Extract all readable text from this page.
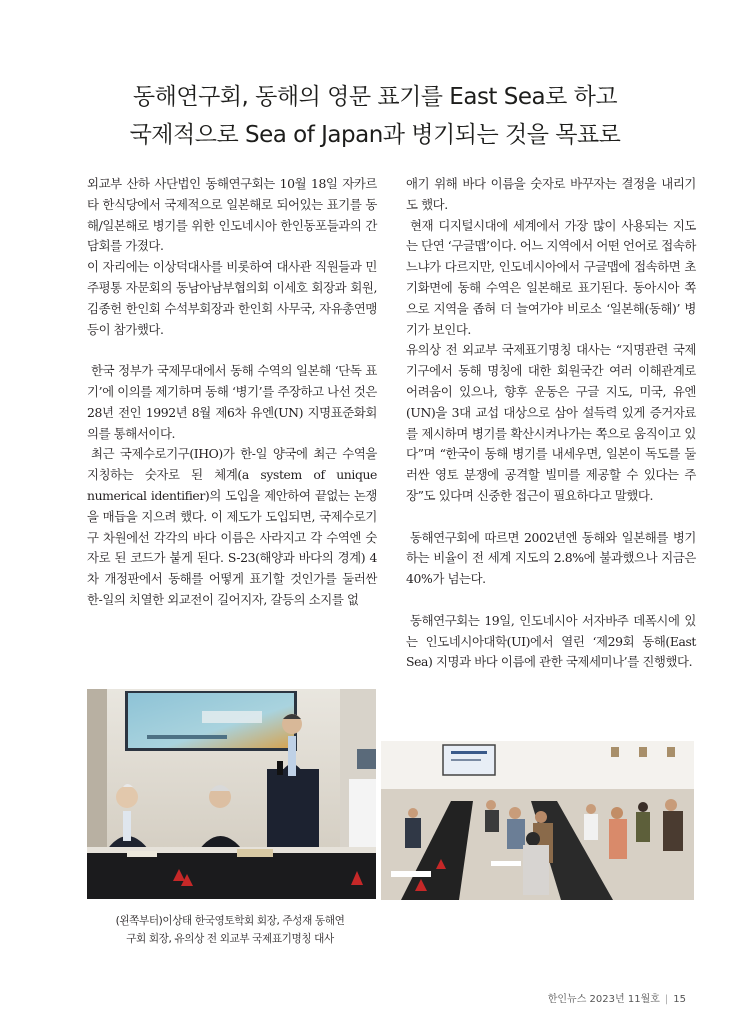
동해연구회, 동해의 영문 표기를 East Sea로 하고
국제적으로 Sea of Japan과 병기되는 것을 목표로

외교부 산하 사단법인 동해연구회는 10월 18일 자카르타 한식당에서 국제적으로 일본해로 되어있는 표기를 동해/일본해로 병기를 위한 인도네시아 한인동포들과의 간담회를 가졌다.

이 자리에는 이상덕대사를 비롯하여 대사관 직원들과 민주평통 자문회의 동남아남부협의회 이세호 회장과 회원, 김종헌 한인회 수석부회장과 한인회 사무국, 자유총연맹 등이 참가했다.

한국 정부가 국제무대에서 동해 수역의 일본해 ‘단독 표기’에 이의를 제기하며 동해 ‘병기’를 주장하고 나선 것은 28년 전인 1992년 8월 제6차 유엔(UN) 지명표준화회의를 통해서이다.

최근 국제수로기구(IHO)가 한-일 양국에 최근 수역을 지칭하는 숫자로 된 체계(a system of unique numerical identifier)의 도입을 제안하여 끝없는 논쟁을 매듭을 지으려 했다. 이 제도가 도입되면, 국제수로기구 차원에선 각각의 바다 이름은 사라지고 각 수역엔 숫자로 된 코드가 붙게 된다. S-23(해양과 바다의 경계) 4차 개정판에서 동해를 어떻게 표기할 것인가를 둘러싼 한-일의 치열한 외교전이 길어지자, 갈등의 소지를 없

애기 위해 바다 이름을 숫자로 바꾸자는 결정을 내리기도 했다.

현재 디지털시대에 세계에서 가장 많이 사용되는 지도는 단연 ‘구글맵’이다. 어느 지역에서 어떤 언어로 접속하느냐가 다르지만, 인도네시아에서 구글맵에 접속하면 초기화면에 동해 수역은 일본해로 표기된다. 동아시아 쪽으로 지역을 좁혀 더 늘여가야 비로소 ‘일본해(동해)’ 병기가 보인다.

유의상 전 외교부 국제표기명칭 대사는 “지명관련 국제기구에서 동해 명칭에 대한 회원국간 여러 이해관계로 어려움이 있으나, 향후 운동은 구글 지도, 미국, 유엔(UN)을 3대 교섭 대상으로 삼아 설득력 있게 증거자료를 제시하며 병기를 확산시켜나가는 쪽으로 움직이고 있다”며 “한국이 동해 병기를 내세우면, 일본이 독도를 둘러싼 영토 분쟁에 공격할 빌미를 제공할 수 있다는 주장”도 있다며 신중한 접근이 필요하다고 말했다.

동해연구회에 따르면 2002년엔 동해와 일본해를 병기하는 비율이 전 세계 지도의 2.8%에 불과했으나 지금은 40%가 넘는다.

동해연구회는 19일, 인도네시아 서자바주 데폭시에 있는 인도네시아대학(UI)에서 열린 ‘제29회 동해(East Sea) 지명과 바다 이름에 관한 국제세미나’를 진행했다.

(왼쪽부터)이상태 한국영토학회 회장, 주성재 동해연
구회 회장, 유의상 전 외교부 국제표기명칭 대사
한인뉴스 2023년 11월호 | 15
